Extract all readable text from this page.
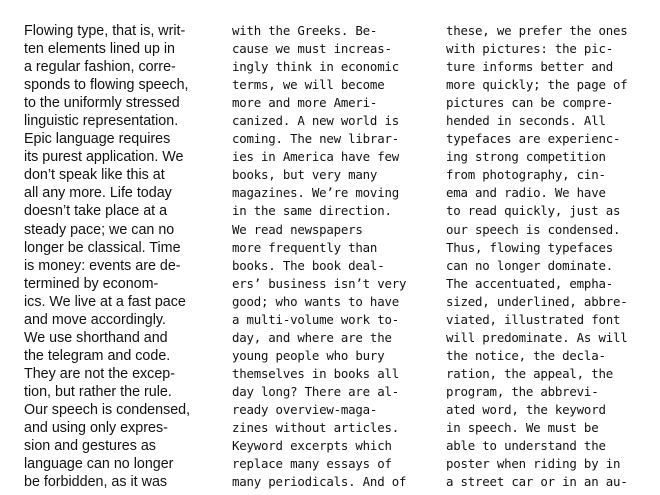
Flowing type, that is, writ-
ten elements lined up in
a regular fashion, corre-
sponds to flowing speech,
to the uniformly stressed
linguistic representation.
Epic language requires
its purest application. We
don’t speak like this at
all any more. Life today
doesn’t take place at a
steady pace; we can no
longer be classical. Time
is money: events are de-
termined by econom-
ics. We live at a fast pace
and move accordingly.
We use shorthand and
the telegram and code.
They are not the excep-
tion, but rather the rule.
Our speech is condensed,
and using only expres-
sion and gestures as
language can no longer
be forbidden, as it was
with the Greeks. Be-
cause we must increas-
ingly think in economic
terms, we will become
more and more Ameri-
canized. A new world is
coming. The new librar-
ies in America have few
books, but very many
magazines. We’re moving
in the same direction.
We read newspapers
more frequently than
books. The book deal-
ers’ business isn’t very
good; who wants to have
a multi-volume work to-
day, and where are the
young people who bury
themselves in books all
day long? There are al-
ready overview-maga-
zines without articles.
Keyword excerpts which
replace many essays of
many periodicals. And of
these, we prefer the ones
with pictures: the pic-
ture informs better and
more quickly; the page of
pictures can be compre-
hended in seconds. All
typefaces are experienc-
ing strong competition
from photography, cin-
ema and radio. We have
to read quickly, just as
our speech is condensed.
Thus, flowing typefaces
can no longer dominate.
The accentuated, empha-
sized, underlined, abbre-
viated, illustrated font
will predominate. As will
the notice, the decla-
ration, the appeal, the
program, the abbrevi-
ated word, the keyword
in speech. We must be
able to understand the
poster when riding by in
a street car or in an au-
